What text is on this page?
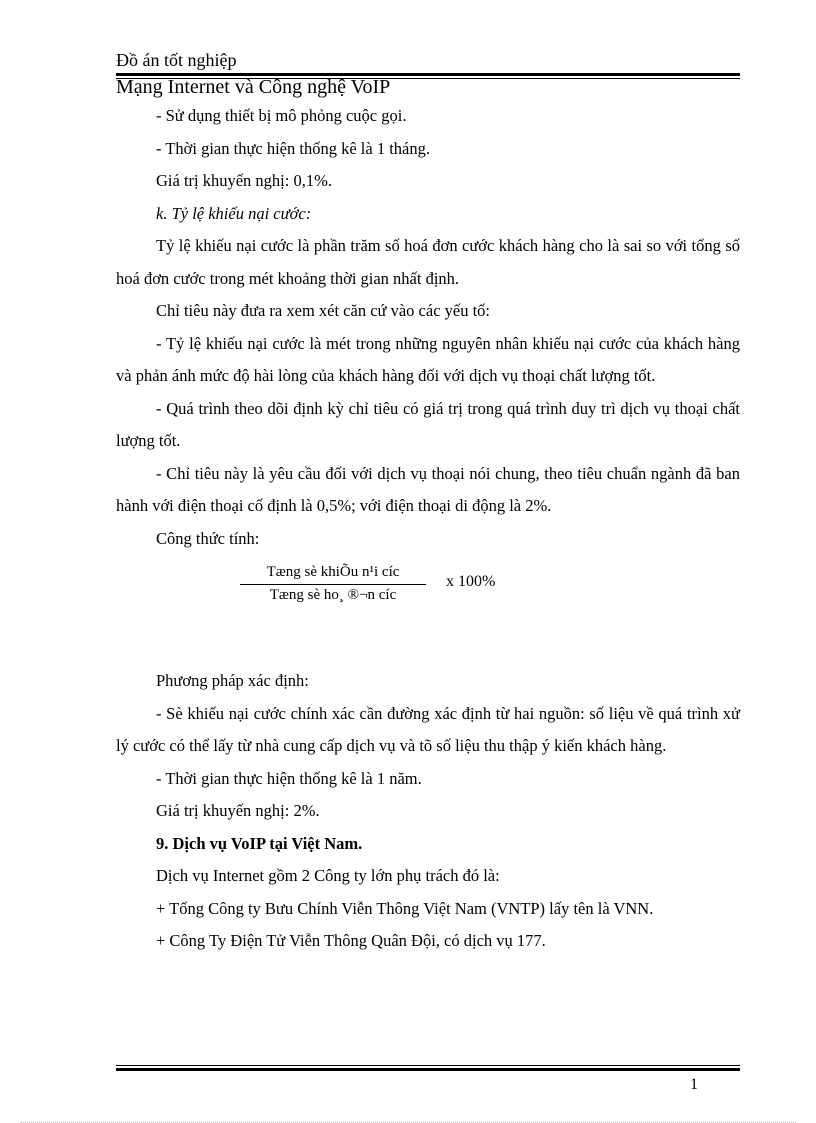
Đồ án tốt nghiệp
Mạng Internet và Công nghệ VoIP

- Sử dụng thiết bị mô phỏng cuộc gọi.

- Thời gian thực hiện thống kê là 1 tháng.

Giá trị khuyến nghị: 0,1%.

k. Tỷ lệ khiếu nại cước:

Tỷ lệ khiếu nại cước là phần trăm số hoá đơn cước khách hàng cho là sai so với tổng số hoá đơn cước trong mét khoảng thời gian nhất định.

Chỉ tiêu này đưa ra xem xét căn cứ vào các yếu tố:

- Tỷ lệ khiếu nại cước là mét trong những nguyên nhân khiếu nại cước của khách hàng và phản ánh mức độ hài lòng của khách hàng đối với dịch vụ thoại chất lượng tốt.

- Quá trình theo dõi định kỳ chỉ tiêu có giá trị trong quá trình duy trì dịch vụ thoại chất lượng tốt.

- Chỉ tiêu này là yêu cầu đối với dịch vụ thoại nói chung, theo tiêu chuẩn ngành đã ban hành với điện thoại cố định là 0,5%; với điện thoại di động là 2%.

Công thức tính:

Tæng sè khiÕu n¹i cíc
Tæng sè ho¸ ®¬n cíc
x 100%

Phương pháp xác định:

- Sè khiếu nại cước chính xác cần đường xác định từ hai nguồn: số liệu về quá trình xử lý cước có thể lấy từ nhà cung cấp dịch vụ và tõ số liệu thu thập ý kiến khách hàng.

- Thời gian thực hiện thống kê là 1 năm.

Giá trị khuyến nghị: 2%.

9. Dịch vụ VoIP tại Việt Nam.

Dịch vụ Internet gồm 2 Công ty lớn phụ trách đó là:

+ Tổng Công ty Bưu Chính Viễn Thông Việt Nam (VNTP) lấy tên là VNN.

+ Công Ty Điện Tử Viễn Thông Quân Đội, có dịch vụ 177.

1
